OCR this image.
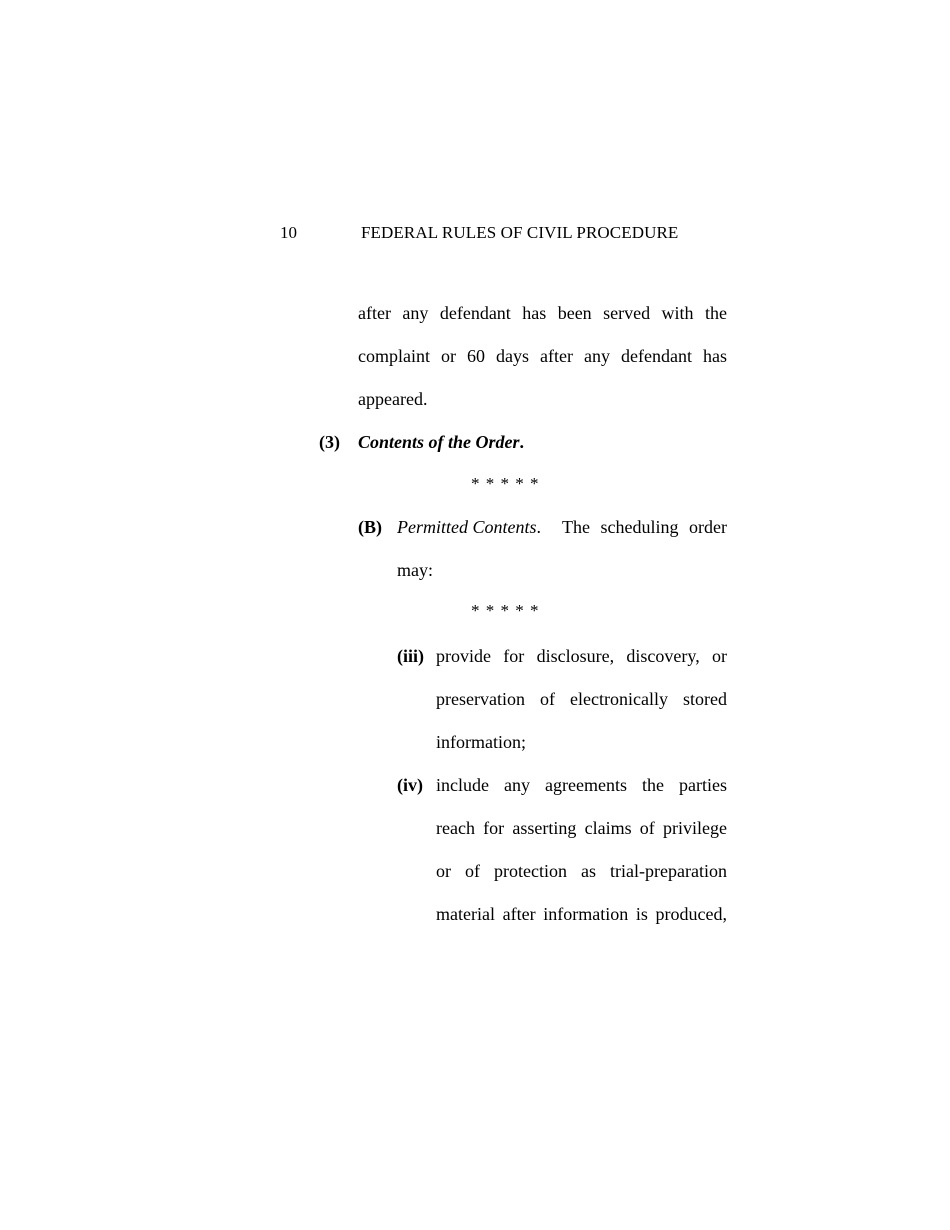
10	FEDERAL RULES OF CIVIL PROCEDURE
after any defendant has been served with the
complaint or 60 days after any defendant has
appeared.
(3) Contents of the Order.
* * * * *
(B) Permitted Contents. The scheduling order
may:
* * * * *
(iii) provide for disclosure, discovery, or
preservation of electronically stored
information;
(iv) include any agreements the parties
reach for asserting claims of privilege
or of protection as trial-preparation
material after information is produced,
